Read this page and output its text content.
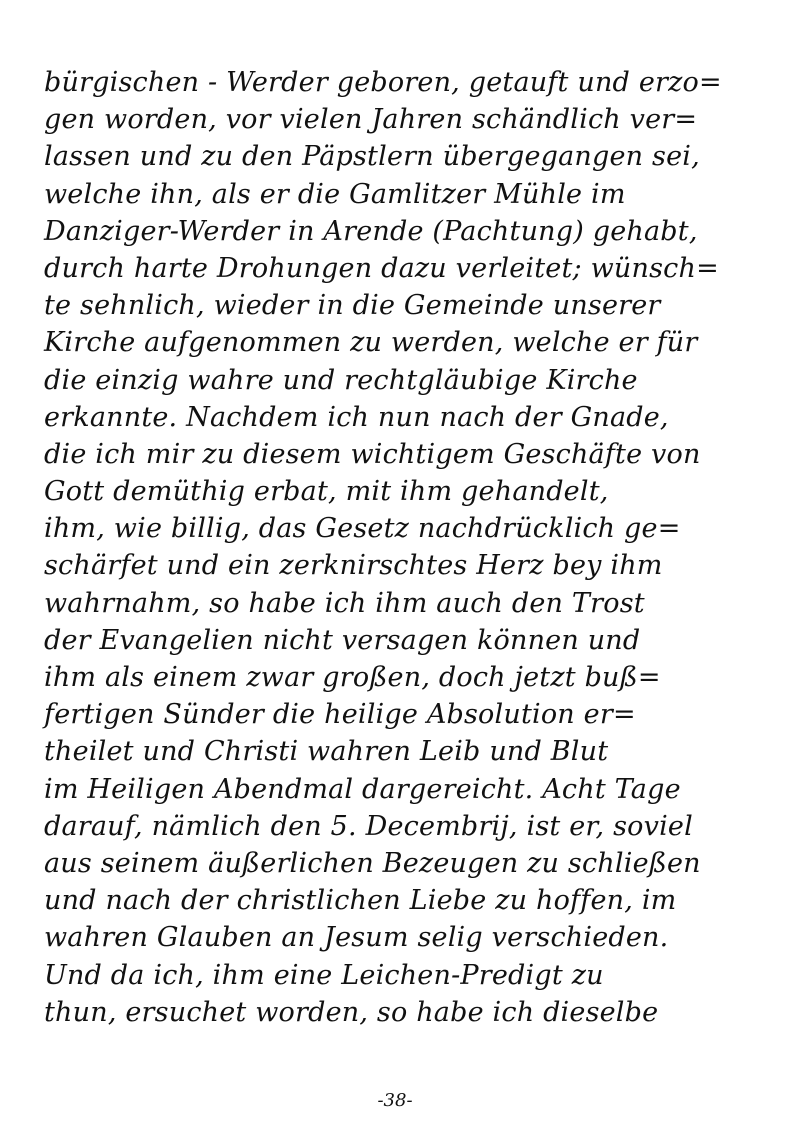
bürgischen - Werder geboren, getauft und erzo=
gen worden, vor vielen Jahren schändlich ver=
lassen und zu den Päpstlern übergegangen sei,
welche ihn, als er die Gamlitzer Mühle im
Danziger-Werder in Arende (Pachtung) gehabt,
durch harte Drohungen dazu verleitet; wünsch=
te sehnlich, wieder in die Gemeinde unserer
Kirche aufgenommen zu werden, welche er für
die einzig wahre und rechtgläubige Kirche
erkannte. Nachdem ich nun nach der Gnade,
die ich mir zu diesem wichtigem Geschäfte von
Gott demüthig erbat, mit ihm gehandelt,
ihm, wie billig, das Gesetz nachdrücklich ge=
schärfet und ein zerknirschtes Herz bey ihm
wahrnahm, so habe ich ihm auch den Trost
der Evangelien nicht versagen können und
ihm als einem zwar großen, doch jetzt buß=
fertigen Sünder die heilige Absolution er=
theilet und Christi wahren Leib und Blut
im Heiligen Abendmal dargereicht. Acht Tage
darauf, nämlich den 5. Decembrij, ist er, soviel
aus seinem äußerlichen Bezeugen zu schließen
und nach der christlichen Liebe zu hoffen, im
wahren Glauben an Jesum selig verschieden.
Und da ich, ihm eine Leichen-Predigt zu
thun, ersuchet worden, so habe ich dieselbe
-38-
